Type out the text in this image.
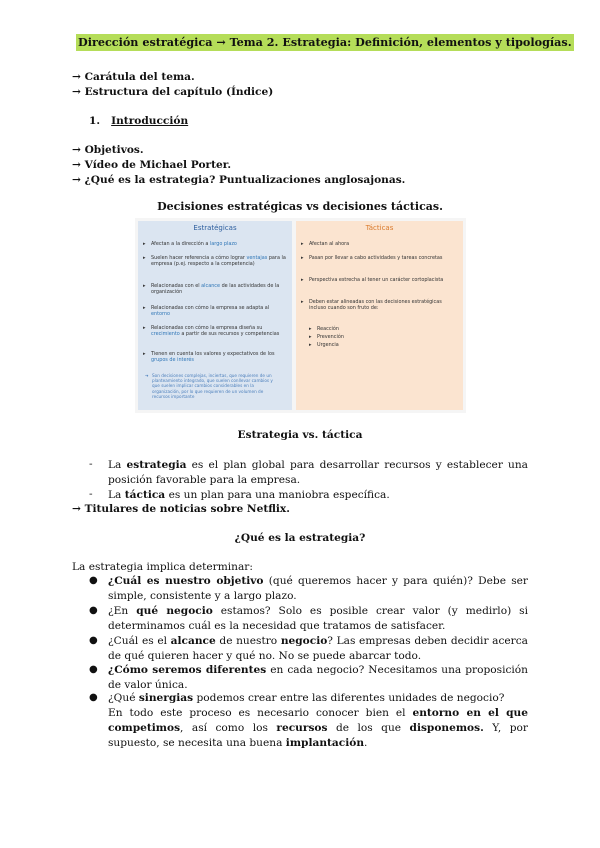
Dirección estratégica → Tema 2. Estrategia: Definición, elementos y tipologías.
→ Carátula del tema.
→ Estructura del capítulo (Índice)
1. Introducción
→ Objetivos.
→ Vídeo de Michael Porter.
→ ¿Qué es la estrategia? Puntualizaciones anglosajonas.
Decisiones estratégicas vs decisiones tácticas.
Estratégicas
▸ Afectan a la dirección a largo plazo
▸ Suelen hacer referencia a cómo lograr ventajas para la empresa (p.ej. respecto a la competencia)
▸ Relacionadas con el alcance de las actividades de la organización
▸ Relacionadas con cómo la empresa se adapta al entorno
▸ Relacionadas con cómo la empresa diseña su crecimiento a partir de sus recursos y competencias
▸ Tienen en cuenta los valores y expectativos de los grupos de interés
➔ Son decisiones complejas, inciertas, que requieren de un planteamiento integrado, que suelen conllevar cambios y que suelen implicar cambios considerables en la organización, por lo que requieren de un volumen de recursos importante
Tácticas
▸ Afectan al ahora
▸ Pasan por llevar a cabo actividades y tareas concretas
▸ Perspectiva estrecha al tener un carácter cortoplacista
▸ Deben estar alineadas con las decisiones estratégicas incluso cuando son fruto de:
▸ Reacción
▸ Prevención
▸ Urgencia
Estrategia vs. táctica
- La estrategia es el plan global para desarrollar recursos y establecer una posición favorable para la empresa.
- La táctica es un plan para una maniobra específica.
→ Titulares de noticias sobre Netflix.
¿Qué es la estrategia?
La estrategia implica determinar:
● ¿Cuál es nuestro objetivo (qué queremos hacer y para quién)? Debe ser simple, consistente y a largo plazo.
● ¿En qué negocio estamos? Solo es posible crear valor (y medirlo) si determinamos cuál es la necesidad que tratamos de satisfacer.
● ¿Cuál es el alcance de nuestro negocio? Las empresas deben decidir acerca de qué quieren hacer y qué no. No se puede abarcar todo.
● ¿Cómo seremos diferentes en cada negocio? Necesitamos una proposición de valor única.
● ¿Qué sinergias podemos crear entre las diferentes unidades de negocio?
En todo este proceso es necesario conocer bien el entorno en el que competimos, así como los recursos de los que disponemos. Y, por supuesto, se necesita una buena implantación.
